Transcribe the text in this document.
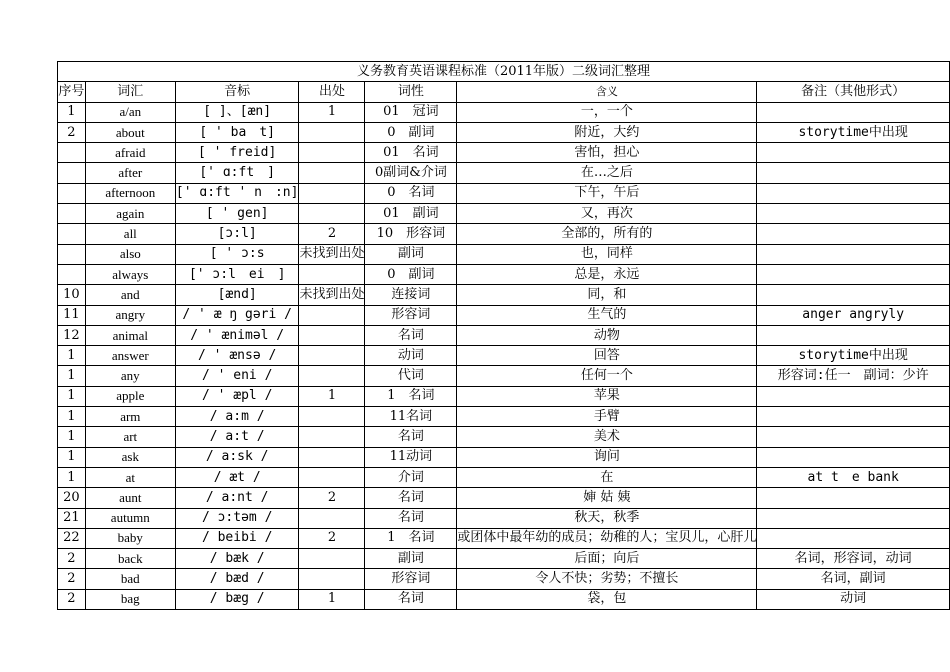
义务教育英语课程标准（2011年版）二级词汇整理						
序号	词汇	音标	出处	词性	含义	备注（其他形式）
1	a/an	[ ]、[æn]	1	01　冠词	一，一个	
2	about	[ ' ba　t]		0　副词	附近，大约	storytime中出现
	afraid	[ ' freid]		01　名词	害怕，担心	
	after	[' ɑ:ft　]		0副词&介词	在…之后	
	afternoon	[' ɑ:ft ' n　:n]		0　名词	下午，午后	
	again	[ ' gen]		01　副词	又，再次	
	all	[ɔ:l]	2	10　形容词	全部的，所有的	
	also	[ ' ɔ:s	未找到出处	副词	也，同样	
	always	[' ɔ:l　ei　]		0　副词	总是，永远	
10	and	[ænd]	未找到出处	连接词	同，和	
11	angry	/ ' æ ŋ gəri /		形容词	生气的	anger angryly
12	animal	/ ' æniməl /		名词	动物	
1	answer	/ ' ænsə /		动词	回答	storytime中出现
1	any	/ ' eni /		代词	任何一个	形容词:任一　副词：少许
1	apple	/ ' æpl /	1	1　名词	苹果	
1	arm	/ a:m /		11名词	手臂	
1	art	/ a:t /		名词	美术	
1	ask	/ a:sk /		11动词	询问	
1	at	/ æt /		介词	在	at t　e bank
20	aunt	/ a:nt /	2	名词	婶 姑 姨	
21	autumn	/ ɔ:təm /		名词	秋天，秋季	
22	baby	/ beibi /	2	1　名词	或团体中最年幼的成员；幼稚的人；宝贝儿，心肝儿	
2	back	/ bæk /		副词	后面；向后	名词，形容词，动词
2	bad	/ bæd /		形容词	令人不快；劣势；不擅长	名词，副词
2	bag	/ bæg /	1	名词	袋，包	动词
